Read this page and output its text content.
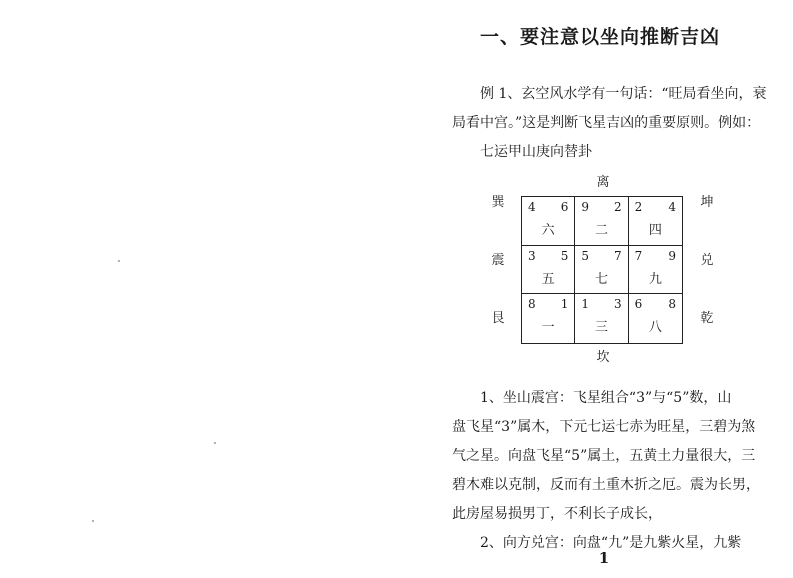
一、要注意以坐向推断吉凶
例 1、玄空风水学有一句话：“旺局看坐向，衰
局看中宫。”这是判断飞星吉凶的重要原则。例如：
七运甲山庚向替卦
离
巽
震
艮
坤
兑
乾
坎
4 6
六
9 2
二
2 4
四
3 5
五
5 7
七
7 9
九
8 1
一
1 3
三
6 8
八
1、坐山震宫：飞星组合“3”与“5”数，山
盘飞星“3”属木，下元七运七赤为旺星，三碧为煞
气之星。向盘飞星“5”属土，五黄土力量很大，三
碧木难以克制，反而有土重木折之厄。震为长男，
此房屋易损男丁，不利长子成长，
2、向方兑宫：向盘“九”是九紫火星，九紫
1
